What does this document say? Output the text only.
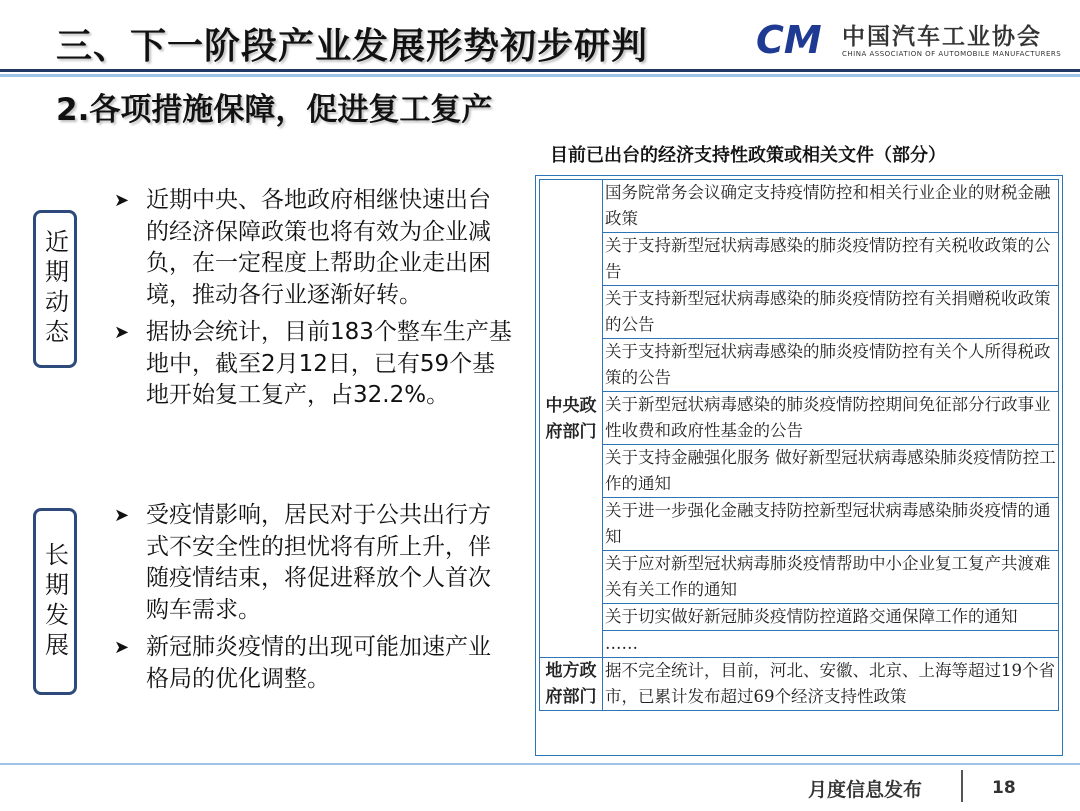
三、下一阶段产业发展形势初步研判	CM 中国汽车工业协会
CHINA ASSOCIATION OF AUTOMOBILE MANUFACTURERS
2.各项措施保障，促进复工复产
目前已出台的经济支持性政策或相关文件（部分）
近期动态
长期发展
➤ 近期中央、各地政府相继快速出台的经济保障政策也将有效为企业减负，在一定程度上帮助企业走出困境，推动各行业逐渐好转。
➤ 据协会统计，目前183个整车生产基地中，截至2月12日，已有59个基地开始复工复产，占32.2%。
➤ 受疫情影响，居民对于公共出行方式不安全性的担忧将有所上升，伴随疫情结束，将促进释放个人首次购车需求。
➤ 新冠肺炎疫情的出现可能加速产业格局的优化调整。
中央政府部门	国务院常务会议确定支持疫情防控和相关行业企业的财税金融政策
	关于支持新型冠状病毒感染的肺炎疫情防控有关税收政策的公告
	关于支持新型冠状病毒感染的肺炎疫情防控有关捐赠税收政策的公告
	关于支持新型冠状病毒感染的肺炎疫情防控有关个人所得税政策的公告
	关于新型冠状病毒感染的肺炎疫情防控期间免征部分行政事业性收费和政府性基金的公告
	关于支持金融强化服务 做好新型冠状病毒感染肺炎疫情防控工作的通知
	关于进一步强化金融支持防控新型冠状病毒感染肺炎疫情的通知
	关于应对新型冠状病毒肺炎疫情帮助中小企业复工复产共渡难关有关工作的通知
	关于切实做好新冠肺炎疫情防控道路交通保障工作的通知
	……
地方政府部门	据不完全统计，目前，河北、安徽、北京、上海等超过19个省市，已累计发布超过69个经济支持性政策
月度信息发布	18
